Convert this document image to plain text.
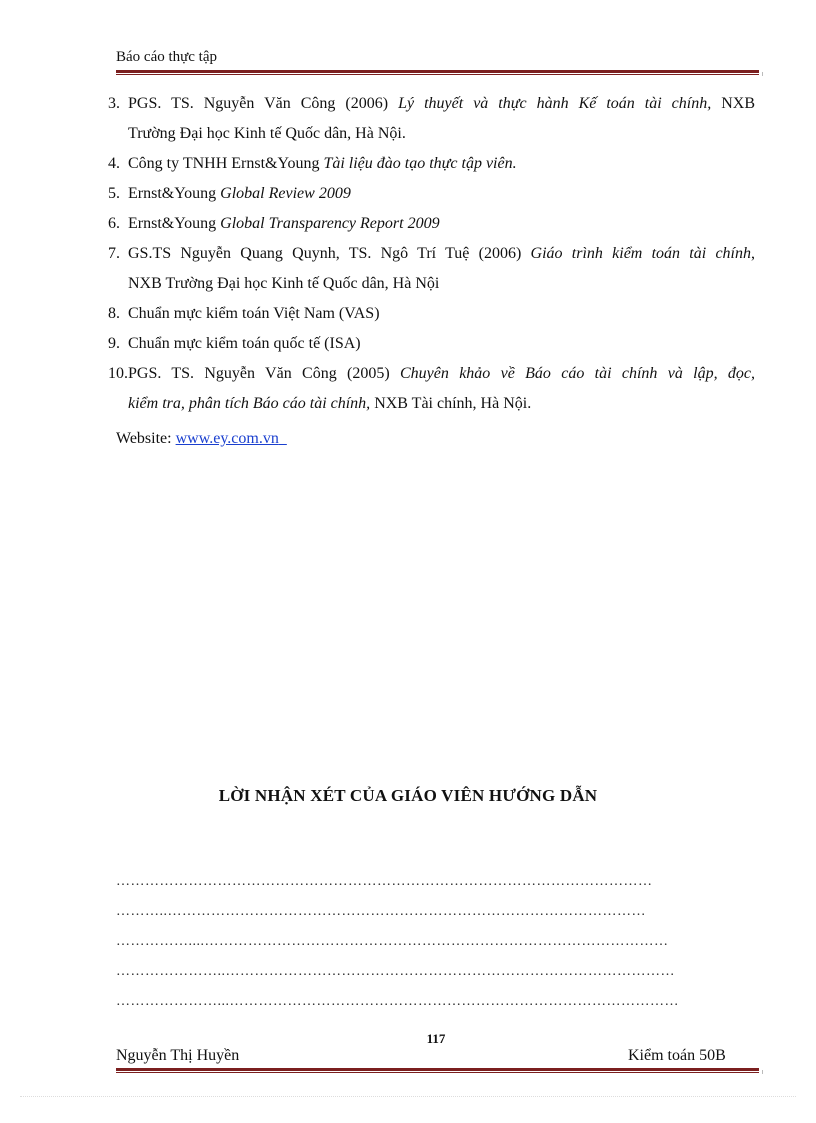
Báo cáo thực tập
3. PGS. TS. Nguyễn Văn Công (2006) Lý thuyết và thực hành Kế toán tài chính, NXB
Trường Đại học Kinh tế Quốc dân, Hà Nội.
4. Công ty TNHH Ernst&Young Tài liệu đào tạo thực tập viên.
5. Ernst&Young Global Review 2009
6. Ernst&Young Global Transparency Report 2009
7. GS.TS Nguyễn Quang Quynh, TS. Ngô Trí Tuệ (2006) Giáo trình kiểm toán tài chính,
NXB Trường Đại học Kinh tế Quốc dân, Hà Nội
8. Chuẩn mực kiểm toán Việt Nam (VAS)
9. Chuẩn mực kiểm toán quốc tế (ISA)
10. PGS. TS. Nguyễn Văn Công (2005) Chuyên khảo về Báo cáo tài chính và lập, đọc,
kiểm tra, phân tích Báo cáo tài chính, NXB Tài chính, Hà Nội.
Website: www.ey.com.vn
LỜI NHẬN XÉT CỦA GIÁO VIÊN HƯỚNG DẪN
…………………………………………………………………………………………………
………..………………………………………………………………………………………
……………....……………………………………………………………………………………
…………………..…………………………………………………………………………………
…………………...…………………………………………………………………………………
117
Nguyễn Thị Huyền	Kiểm toán 50B
